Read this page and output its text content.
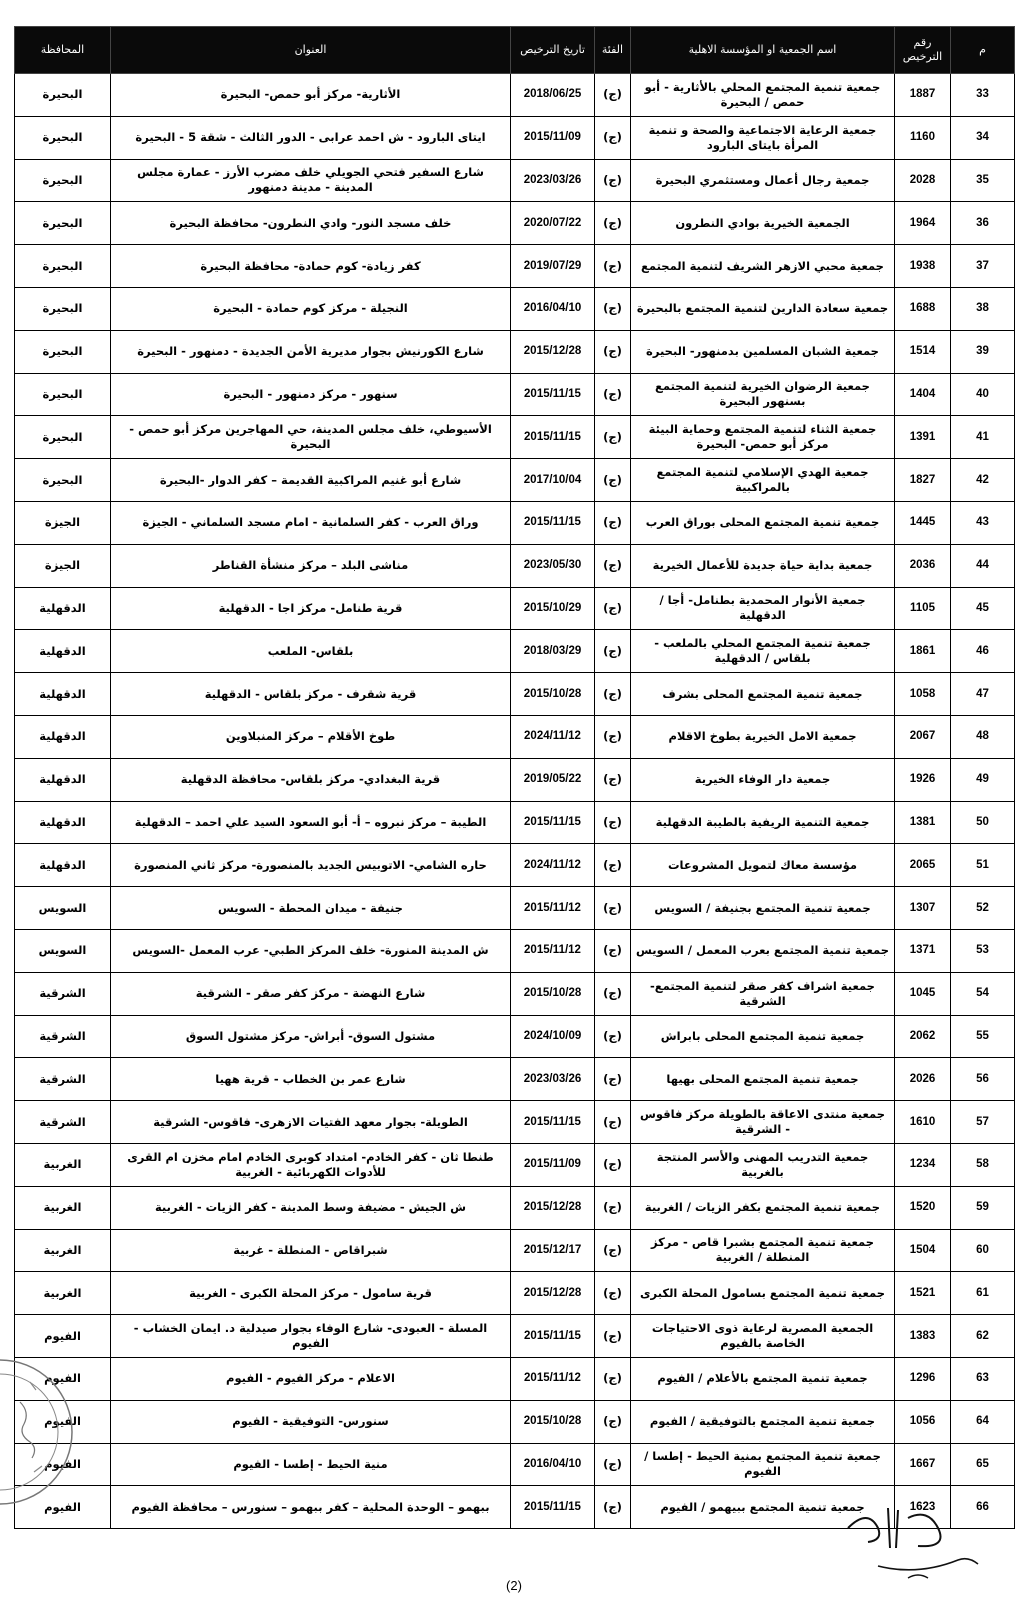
م	رقم الترخيص	اسم الجمعية او المؤسسة الاهلية	الفئة	تاريخ الترخيص	العنوان	المحافظة
33	1887	جمعية تنمية المجتمع المحلي بالأثارية - أبو حمص / البحيرة	(ج)	2018/06/25	الأثارية- مركز أبو حمص- البحيرة	البحيرة
34	1160	جمعية الرعاية الاجتماعية والصحة و تنمية المرأة بايتاى البارود	(ج)	2015/11/09	ايتاى البارود - ش احمد عرابى - الدور الثالث - شقة 5 - البحيرة	البحيرة
35	2028	جمعية رجال أعمال ومستثمري البحيرة	(ج)	2023/03/26	شارع السفير فتحي الجويلي خلف مضرب الأرز - عمارة مجلس المدينة - مدينة دمنهور	البحيرة
36	1964	الجمعية الخيرية بوادي النطرون	(ج)	2020/07/22	خلف مسجد النور- وادي النطرون- محافظة البحيرة	البحيرة
37	1938	جمعية محبي الازهر الشريف لتنمية المجتمع	(ج)	2019/07/29	كفر زيادة- كوم حمادة- محافظة البحيرة	البحيرة
38	1688	جمعية سعادة الدارين لتنمية المجتمع بالبحيرة	(ج)	2016/04/10	النجيلة - مركز كوم حمادة - البحيرة	البحيرة
39	1514	جمعية الشبان المسلمين بدمنهور- البحيرة	(ج)	2015/12/28	شارع الكورنيش بجوار مديرية الأمن الجديدة - دمنهور - البحيرة	البحيرة
40	1404	جمعية الرضوان الخيرية لتنمية المجتمع بسنهور البحيرة	(ج)	2015/11/15	سنهور - مركز دمنهور - البحيرة	البحيرة
41	1391	جمعية الثناء لتنمية المجتمع وحماية البيئة مركز أبو حمص- البحيرة	(ج)	2015/11/15	الأسيوطي، خلف مجلس المدينة، حي المهاجرين مركز أبو حمص - البحيرة	البحيرة
42	1827	جمعية الهدي الإسلامي لتنمية المجتمع بالمراكبية	(ج)	2017/10/04	شارع أبو غنيم المراكبية القديمة – كفر الدوار -البحيرة	البحيرة
43	1445	جمعية تنمية المجتمع المحلى بوراق العرب	(ج)	2015/11/15	وراق العرب - كفر السلمانية - امام مسجد السلماني - الجيزة	الجيزة
44	2036	جمعية بداية حياة جديدة للأعمال الخيرية	(ج)	2023/05/30	مناشى البلد – مركز منشأة القناطر	الجيزة
45	1105	جمعية الأنوار المحمدية بطنامل- أجا / الدقهلية	(ج)	2015/10/29	قرية طنامل- مركز اجا - الدقهلية	الدقهلية
46	1861	جمعية تنمية المجتمع المحلي بالملعب - بلقاس / الدقهلية	(ج)	2018/03/29	بلقاس- الملعب	الدقهلية
47	1058	جمعية تنمية المجتمع المحلى بشرف	(ج)	2015/10/28	قرية شقرف - مركز بلقاس - الدقهلية	الدقهلية
48	2067	جمعية الامل الخيرية بطوخ الاقلام	(ج)	2024/11/12	طوخ الأقلام – مركز المنبلاوين	الدقهلية
49	1926	جمعية دار الوفاء الخيرية	(ج)	2019/05/22	قرية البغدادي- مركز بلقاس- محافظة الدقهلية	الدقهلية
50	1381	جمعية التنمية الريفية بالطيبة الدقهلية	(ج)	2015/11/15	الطيبة – مركز نبروه – أ- أبو السعود السيد علي احمد – الدقهلية	الدقهلية
51	2065	مؤسسة معاك لتمويل المشروعات	(ج)	2024/11/12	حاره الشامي- الاتوبيس الجديد بالمنصورة- مركز ثاني المنصورة	الدقهلية
52	1307	جمعية تنمية المجتمع بجنيفة / السويس	(ج)	2015/11/12	جنيفة - ميدان المحطة - السويس	السويس
53	1371	جمعية تنمية المجتمع بعرب المعمل / السويس	(ج)	2015/11/12	ش المدينة المنورة- خلف المركز الطبي- عرب المعمل -السويس	السويس
54	1045	جمعية اشراف كفر صقر لتنمية المجتمع- الشرقية	(ج)	2015/10/28	شارع النهضة - مركز كفر صقر - الشرقية	الشرقية
55	2062	جمعية تنمية المجتمع المحلى بابراش	(ج)	2024/10/09	مشتول السوق- أبراش- مركز مشتول السوق	الشرقية
56	2026	جمعية تنمية المجتمع المحلى بهيها	(ج)	2023/03/26	شارع عمر بن الخطاب - قرية ههيا	الشرقية
57	1610	جمعية منتدى الاعاقة بالطويلة مركز فاقوس - الشرقية	(ج)	2015/11/15	الطويلة- بجوار معهد الفتيات الازهرى- فاقوس- الشرقية	الشرقية
58	1234	جمعية التدريب المهنى والأسر المنتجة بالغربية	(ج)	2015/11/09	طنطا ثان - كفر الخادم- امتداد كوبرى الخادم امام مخزن ام القرى للأدوات الكهربائية - الغربية	الغربية
59	1520	جمعية تنمية المجتمع بكفر الزيات / الغربية	(ج)	2015/12/28	ش الجيش - مضيفة وسط المدينة - كفر الزيات - الغربية	الغربية
60	1504	جمعية تنمية المجتمع بشبرا قاص - مركز المنطلة / الغربية	(ج)	2015/12/17	شبراقاص - المنطلة - غربية	الغربية
61	1521	جمعية تنمية المجتمع بسامول المحلة الكبرى	(ج)	2015/12/28	قرية سامول - مركز المحلة الكبرى - الغربية	الغربية
62	1383	الجمعية المصرية لرعاية ذوى الاحتياجات الخاصة بالفيوم	(ج)	2015/11/15	المسلة - العبودى- شارع الوفاء بجوار صيدلية د. ايمان الخشاب - الفيوم	الفيوم
63	1296	جمعية تنمية المجتمع بالأعلام / الفيوم	(ج)	2015/11/12	الاعلام - مركز الفيوم - الفيوم	الفيوم
64	1056	جمعية تنمية المجتمع بالتوفيقية / الفيوم	(ج)	2015/10/28	سنورس- التوفيقية - الفيوم	الفيوم
65	1667	جمعية تنمية المجتمع بمنية الحيط - إطسا / الفيوم	(ج)	2016/04/10	منية الحيط - إطسا - الفيوم	الفيوم
66	1623	جمعية تنمية المجتمع ببيهمو / الفيوم	(ج)	2015/11/15	ببهمو – الوحدة المحلية – كفر ببهمو – سنورس – محافظة الفيوم	الفيوم
(2)
